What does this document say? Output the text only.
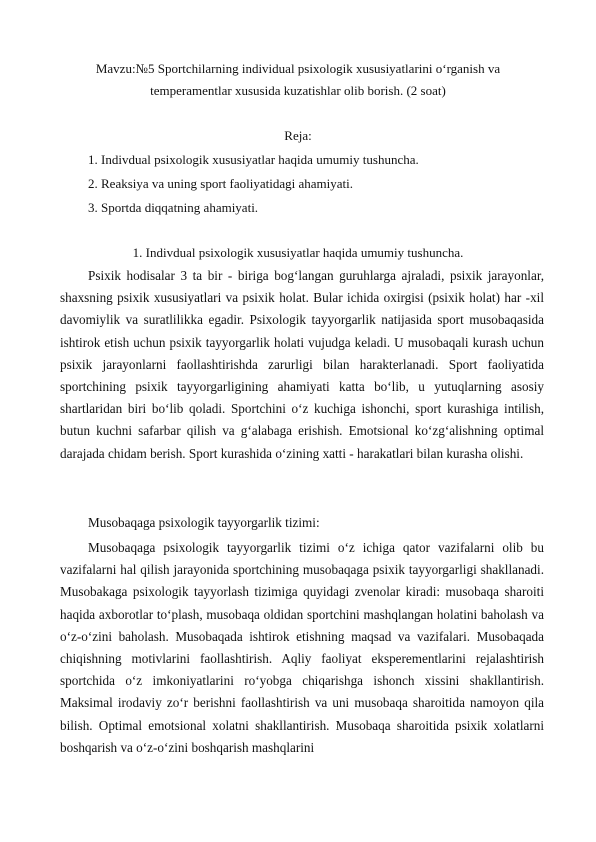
Mavzu:№5 Sportchilarning individual psixologik xususiyatlarini o‘rganish va temperamentlar xususida kuzatishlar olib borish. (2 soat)
Reja:
1. Indivdual psixologik xususiyatlar haqida umumiy tushuncha.
2. Reaksiya va uning sport faoliyatidagi ahamiyati.
3. Sportda diqqatning ahamiyati.
1. Indivdual psixologik xususiyatlar haqida umumiy tushuncha.

Psixik hodisalar 3 ta bir - biriga bog‘langan guruhlarga ajraladi, psixik jarayonlar, shaxsning psixik xususiyatlari va psixik holat. Bular ichida oxirgisi (psixik holat) har -xil davomiylik va suratlilikka egadir. Psixologik tayyorgarlik natijasida sport musobaqasida ishtirok etish uchun psixik tayyorgarlik holati vujudga keladi. U musobaqali kurash uchun psixik jarayonlarni faollashtirishda zarurligi bilan harakterlanadi. Sport faoliyatida sportchining psixik tayyorgarligining ahamiyati katta bo‘lib, u yutuqlarning asosiy shartlaridan biri bo‘lib qoladi. Sportchini o‘z kuchiga ishonchi, sport kurashiga intilish, butun kuchni safarbar qilish va g‘alabaga erishish. Emotsional ko‘zg‘alishning optimal darajada chidam berish. Sport kurashida o‘zining xatti - harakatlari bilan kurasha olishi.

Musobaqaga psixologik tayyorgarlik tizimi:

Musobaqaga psixologik tayyorgarlik tizimi o‘z ichiga qator vazifalarni olib bu vazifalarni hal qilish jarayonida sportchining musobaqaga psixik tayyorgarligi shakllanadi. Musobakaga psixologik tayyorlash tizimiga quyidagi zvenolar kiradi: musobaqa sharoiti haqida axborotlar to‘plash, musobaqa oldidan sportchini mashqlangan holatini baholash va o‘z-o‘zini baholash. Musobaqada ishtirok etishning maqsad va vazifalari. Musobaqada chiqishning motivlarini faollashtirish. Aqliy faoliyat eksperementlarini rejalashtirish sportchida o‘z imkoniyatlarini ro‘yobga chiqarishga ishonch xissini shakllantirish. Maksimal irodaviy zo‘r berishni faollashtirish va uni musobaqa sharoitida namoyon qila bilish. Optimal emotsional xolatni shakllantirish. Musobaqa sharoitida psixik xolatlarni boshqarish va o‘z-o‘zini boshqarish mashqlarini
